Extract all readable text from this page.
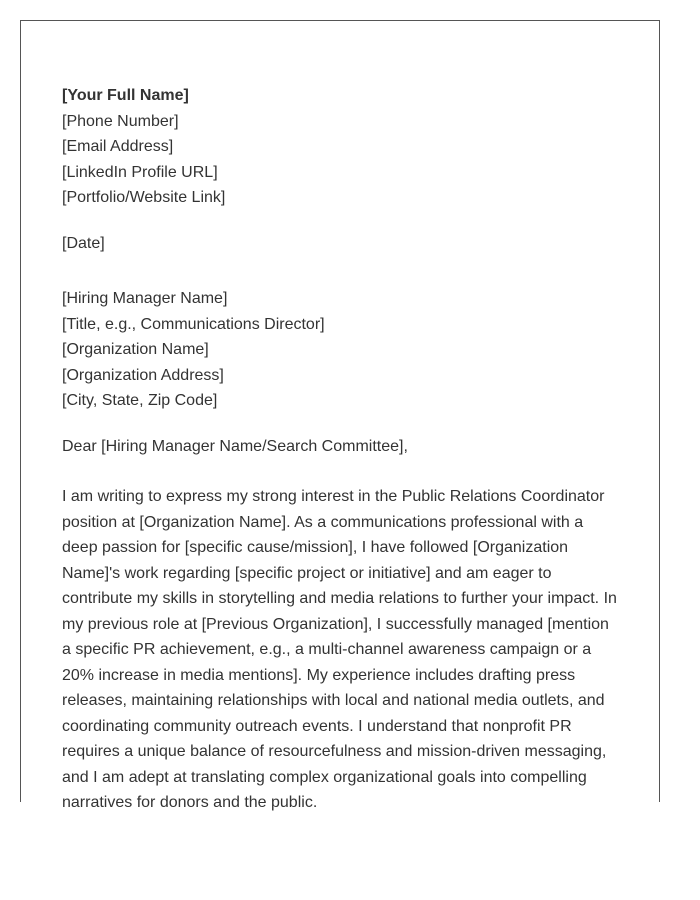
[Your Full Name]
[Phone Number]
[Email Address]
[LinkedIn Profile URL]
[Portfolio/Website Link]
[Date]
[Hiring Manager Name]
[Title, e.g., Communications Director]
[Organization Name]
[Organization Address]
[City, State, Zip Code]
Dear [Hiring Manager Name/Search Committee],
I am writing to express my strong interest in the Public Relations Coordinator position at [Organization Name]. As a communications professional with a deep passion for [specific cause/mission], I have followed [Organization Name]'s work regarding [specific project or initiative] and am eager to contribute my skills in storytelling and media relations to further your impact. In my previous role at [Previous Organization], I successfully managed [mention a specific PR achievement, e.g., a multi-channel awareness campaign or a 20% increase in media mentions]. My experience includes drafting press releases, maintaining relationships with local and national media outlets, and coordinating community outreach events. I understand that nonprofit PR requires a unique balance of resourcefulness and mission-driven messaging, and I am adept at translating complex organizational goals into compelling narratives for donors and the public.
